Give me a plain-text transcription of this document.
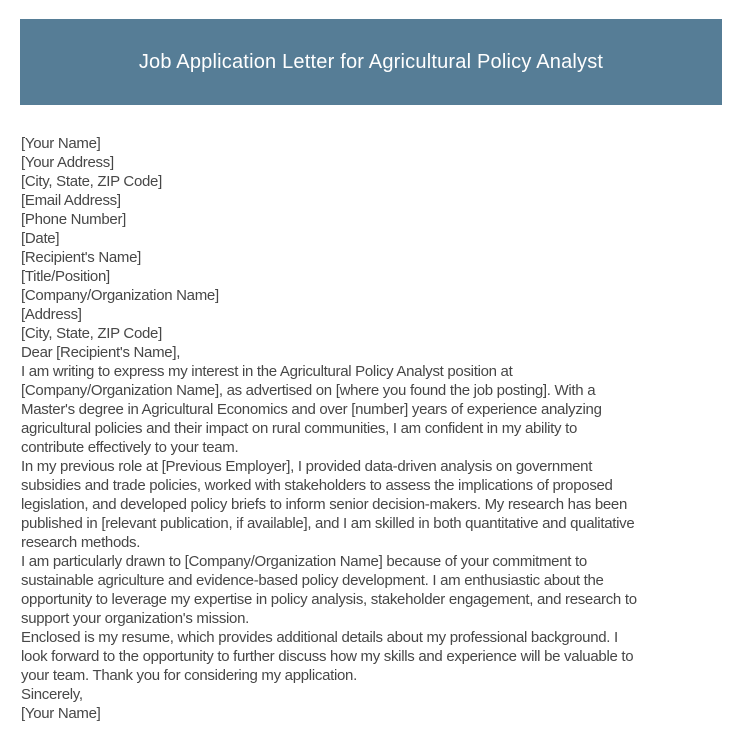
Job Application Letter for Agricultural Policy Analyst
[Your Name]
[Your Address]
[City, State, ZIP Code]
[Email Address]
[Phone Number]
[Date]
[Recipient's Name]
[Title/Position]
[Company/Organization Name]
[Address]
[City, State, ZIP Code]
Dear [Recipient's Name],
I am writing to express my interest in the Agricultural Policy Analyst position at
[Company/Organization Name], as advertised on [where you found the job posting]. With a
Master's degree in Agricultural Economics and over [number] years of experience analyzing
agricultural policies and their impact on rural communities, I am confident in my ability to
contribute effectively to your team.
In my previous role at [Previous Employer], I provided data-driven analysis on government
subsidies and trade policies, worked with stakeholders to assess the implications of proposed
legislation, and developed policy briefs to inform senior decision-makers. My research has been
published in [relevant publication, if available], and I am skilled in both quantitative and qualitative
research methods.
I am particularly drawn to [Company/Organization Name] because of your commitment to
sustainable agriculture and evidence-based policy development. I am enthusiastic about the
opportunity to leverage my expertise in policy analysis, stakeholder engagement, and research to
support your organization's mission.
Enclosed is my resume, which provides additional details about my professional background. I
look forward to the opportunity to further discuss how my skills and experience will be valuable to
your team. Thank you for considering my application.
Sincerely,
[Your Name]
